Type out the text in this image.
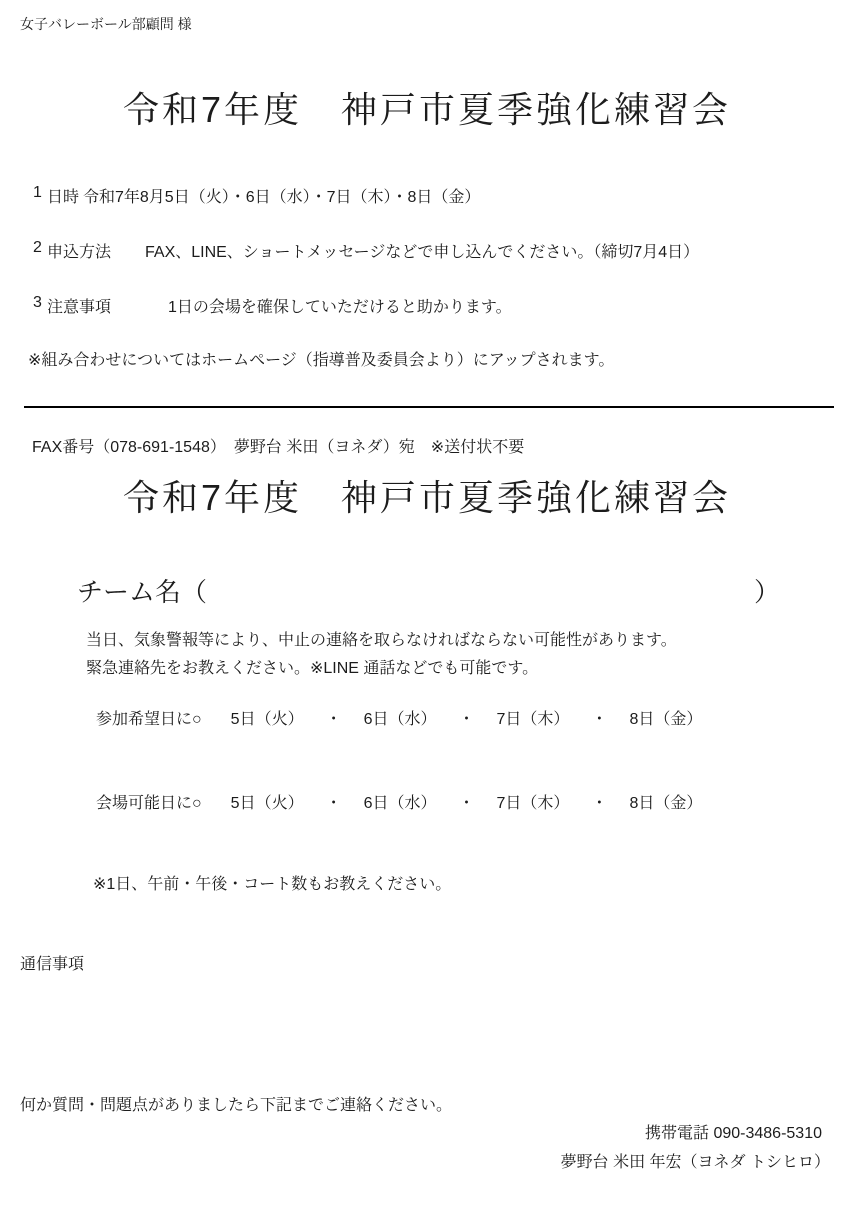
女子バレーボール部顧問 様
令和7年度　神戸市夏季強化練習会
1 日時 令和7年8月5日（火）・6日（水）・7日（木）・8日（金）
2 申込方法 FAX、LINE、ショートメッセージなどで申し込んでください。（締切7月4日）
3 注意事項	1日の会場を確保していただけると助かります。
※組み合わせについてはホームページ（指導普及委員会より）にアップされます。
FAX番号（078-691-1548）　夢野台 米田（ヨネダ）宛　※送付状不要
令和7年度　神戸市夏季強化練習会
チーム名（	）
当日、気象警報等により、中止の連絡を取らなければならない可能性があります。
緊急連絡先をお教えください。※LINE 通話などでも可能です。
参加希望日に○ 5日（火） ・ 6日（水） ・ 7日（木） ・ 8日（金）
会場可能日に○ 5日（火） ・ 6日（水） ・ 7日（木） ・ 8日（金）
※1日、午前・午後・コート数もお教えください。
通信事項
何か質問・問題点がありましたら下記までご連絡ください。
携帯電話 090-3486-5310
夢野台 米田 年宏（ヨネダ トシヒロ）
